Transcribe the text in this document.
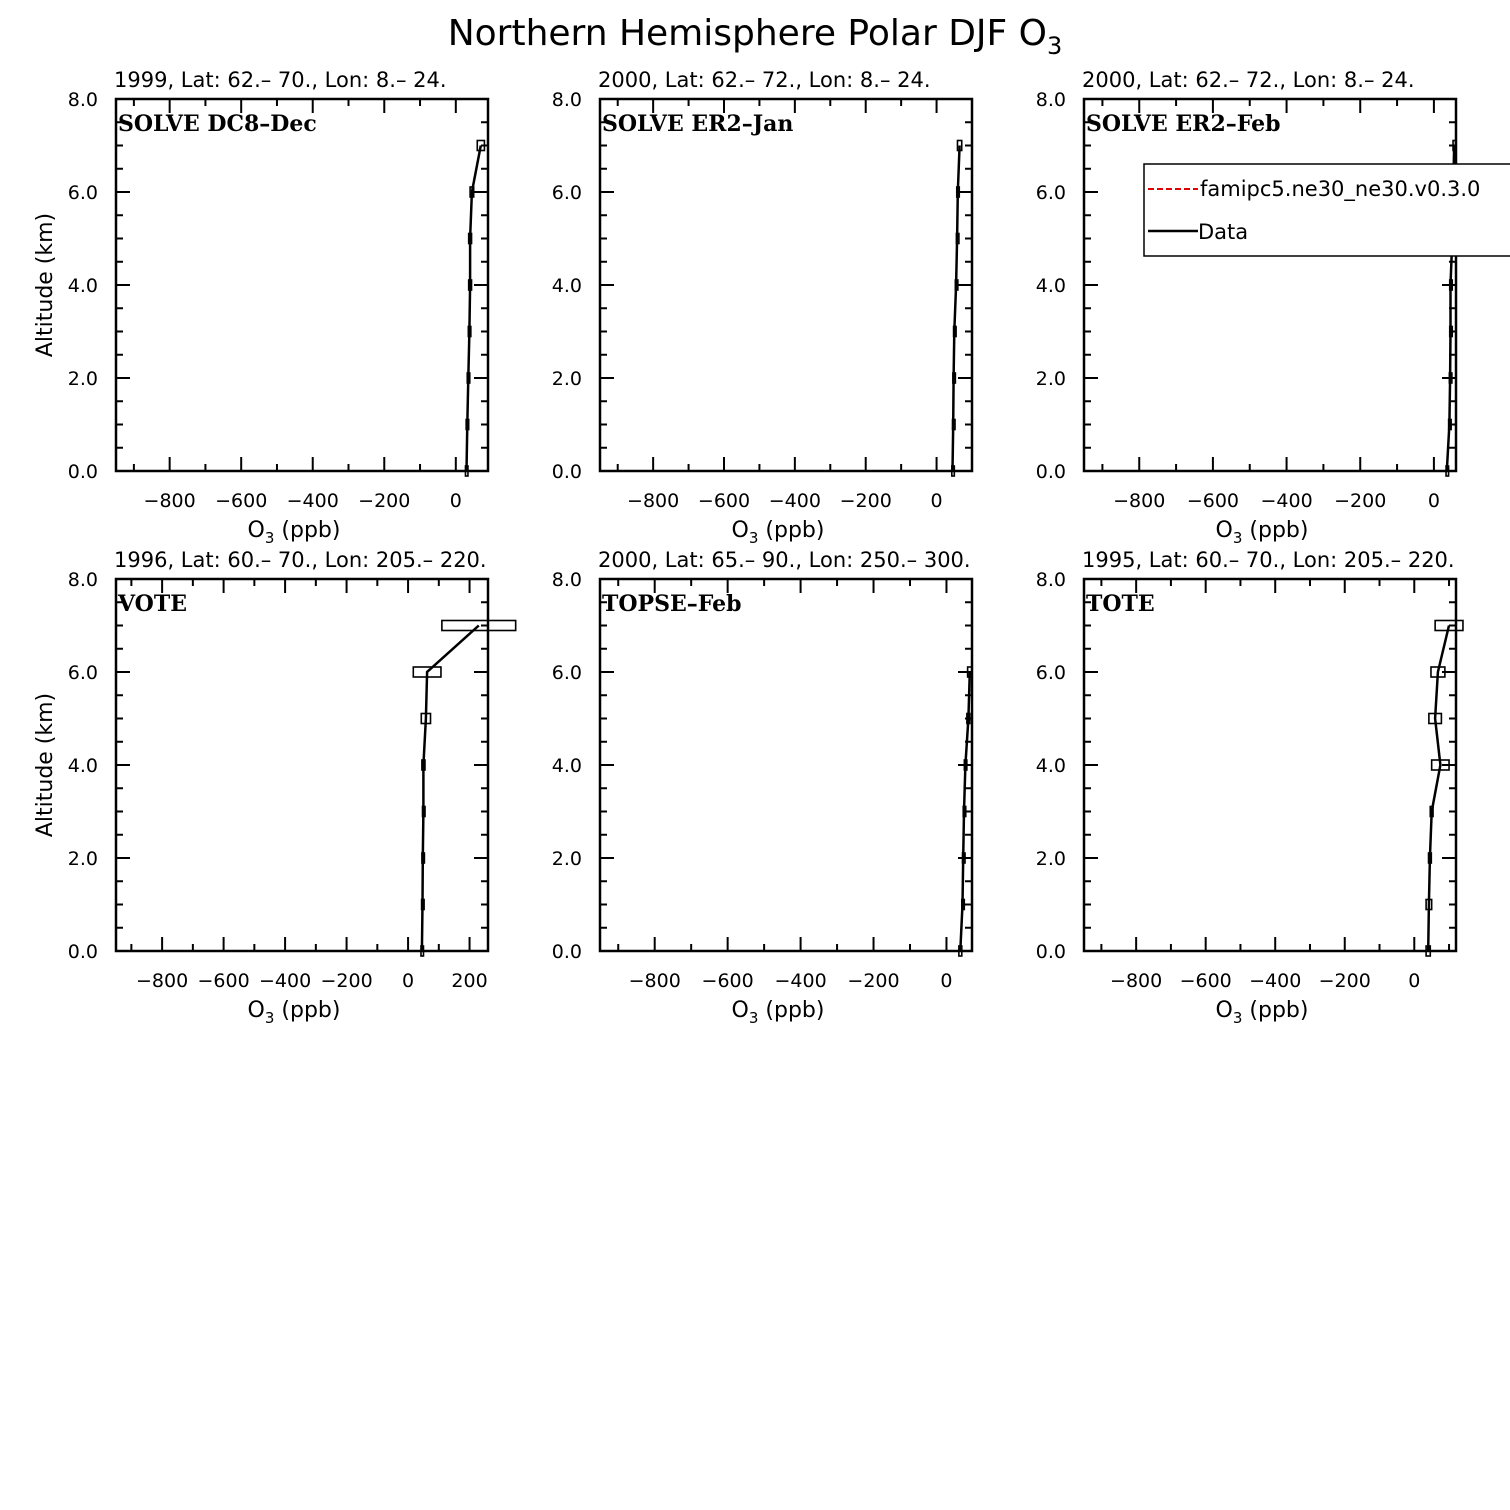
Northern Hemisphere Polar DJF $O_3$
1999, Lat: 62.– 70., Lon: 8.– 24.
SOLVE DC8–Dec
0.0
2.0
4.0
6.0
8.0
−800 −600 −400 −200 0
$O_3$ (ppb)
Altitude (km)
2000, Lat: 62.– 72., Lon: 8.– 24.
SOLVE ER2–Jan
0.0
2.0
4.0
6.0
8.0
−800 −600 −400 −200 0
$O_3$ (ppb)
2000, Lat: 62.– 72., Lon: 8.– 24.
SOLVE ER2–Feb
0.0
2.0
4.0
6.0
8.0
−800 −600 −400 −200 0
$O_3$ (ppb)
1996, Lat: 60.– 70., Lon: 205.– 220.
VOTE
0.0
2.0
4.0
6.0
8.0
−800 −600 −400 −200 0 200
$O_3$ (ppb)
Altitude (km)
2000, Lat: 65.– 90., Lon: 250.– 300.
TOPSE–Feb
0.0
2.0
4.0
6.0
8.0
−800 −600 −400 −200 0
$O_3$ (ppb)
1995, Lat: 60.– 70., Lon: 205.– 220.
TOTE
0.0
2.0
4.0
6.0
8.0
−800 −600 −400 −200 0
$O_3$ (ppb)
famipc5.ne30_ne30.v0.3.0
Data
